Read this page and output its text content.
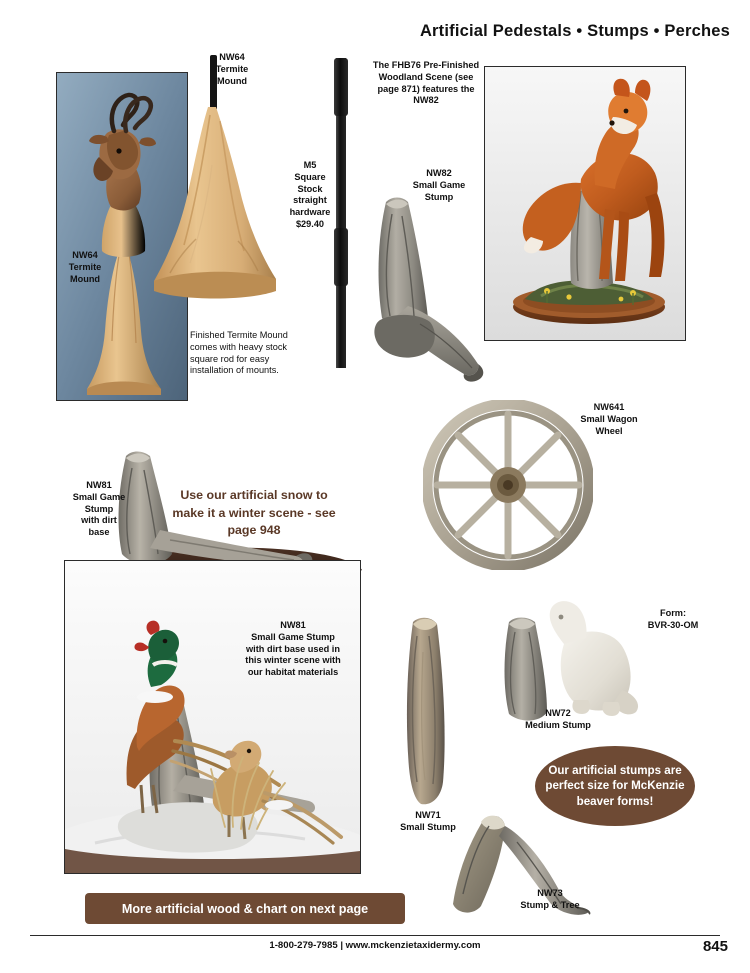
Artificial Pedestals • Stumps • Perches
NW64
Termite
Mound
NW64
Termite
Mound
Finished Termite Mound comes with heavy stock square rod for easy installation of mounts.
M5
Square
Stock
straight
hardware
$29.40
The FHB76 Pre-Finished Woodland Scene (see page 871) features the NW82
NW82
Small Game
Stump
NW641
Small Wagon
Wheel
NW81
Small Game
Stump
with dirt
base
Use our artificial snow to make it a winter scene - see page 948
NW81
Small Game Stump
with dirt base used in
this winter scene with
our habitat materials
NW71
Small Stump
NW72
Medium Stump
Form:
BVR-30-OM
Our artificial stumps are perfect size for McKenzie beaver forms!
NW73
Stump & Tree
More artificial wood & chart on next page
1-800-279-7985 | www.mckenzietaxidermy.com	845
